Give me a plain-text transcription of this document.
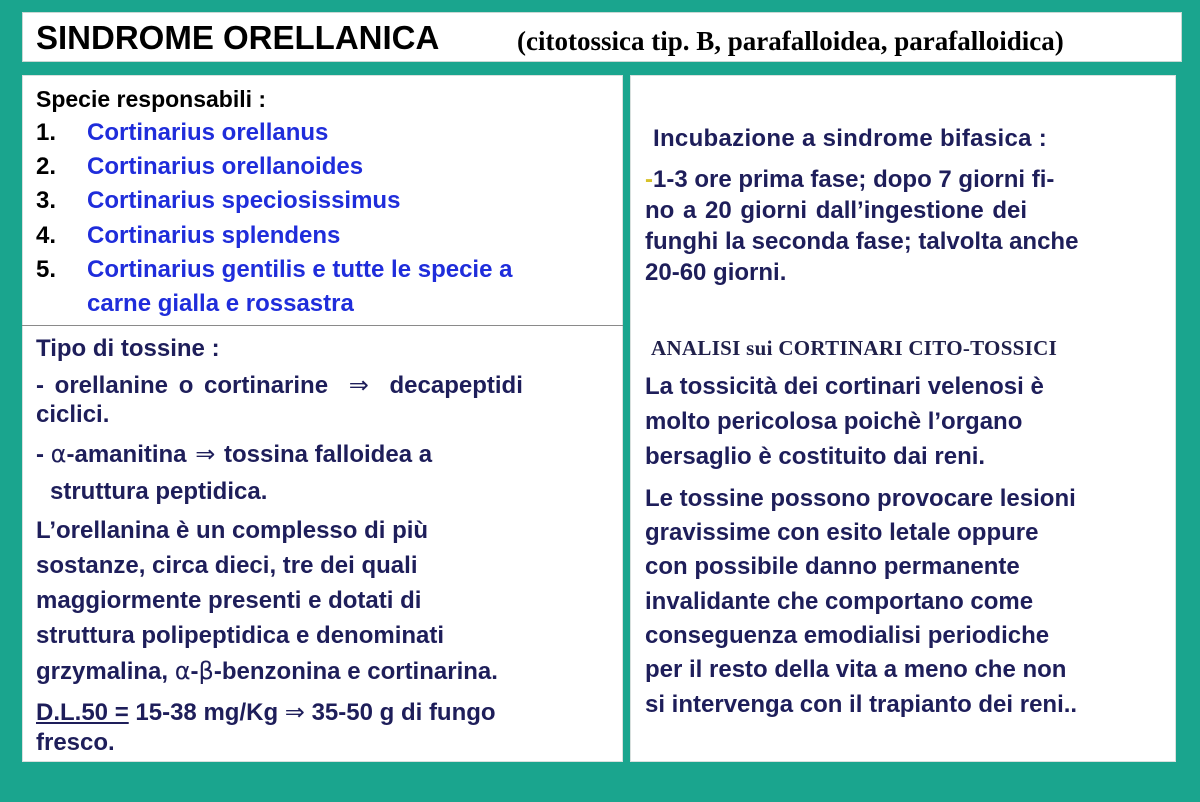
SINDROME ORELLANICA	(citotossica tip. B, parafalloidea, parafalloidica)
Specie responsabili :
1. Cortinarius orellanus
2. Cortinarius orellanoides
3. Cortinarius speciosissimus
4. Cortinarius splendens
5. Cortinarius gentilis e tutte le specie a
carne gialla e rossastra
Tipo di tossine :
- orellanine o cortinarine ⇒ decapeptidi
ciclici.
- α-amanitina ⇒ tossina falloidea a
struttura peptidica.
L’orellanina è un complesso di più
sostanze, circa dieci, tre dei quali
maggiormente presenti e dotati di
struttura polipeptidica e denominati
grzymalina, α-β-benzonina e cortinarina.
D.L.50 = 15-38 mg/Kg ⇒ 35-50 g di fungo
fresco.
Incubazione a sindrome bifasica :
-1-3 ore prima fase; dopo 7 giorni fi-
no a 20 giorni dall’ingestione dei
funghi la seconda fase; talvolta anche
20-60 giorni.
ANALISI sui CORTINARI CITO-TOSSICI
La tossicità dei cortinari velenosi è
molto pericolosa poichè l’organo
bersaglio è costituito dai reni.
Le tossine possono provocare lesioni
gravissime con esito letale oppure
con possibile danno permanente
invalidante che comportano come
conseguenza emodialisi periodiche
per il resto della vita a meno che non
si intervenga con il trapianto dei reni..
